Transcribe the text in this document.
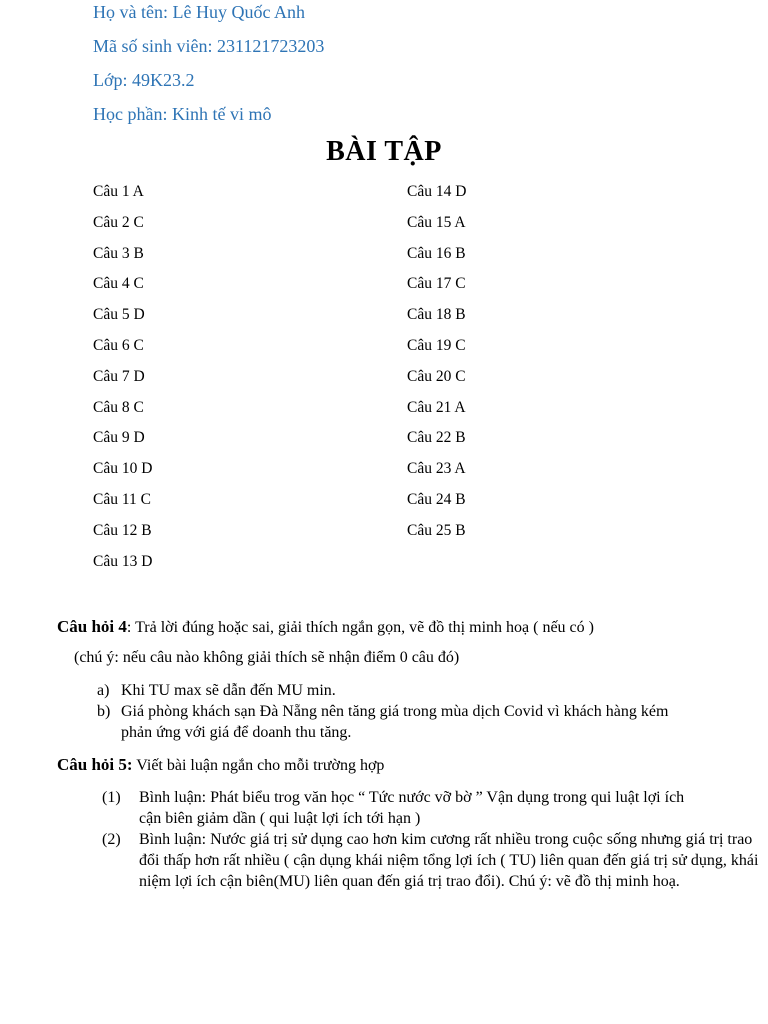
Họ và tên: Lê Huy Quốc Anh
Mã số sinh viên: 231121723203
Lớp: 49K23.2
Học phần: Kinh tế vi mô
BÀI TẬP
Câu 1 A
Câu 2 C
Câu 3 B
Câu 4 C
Câu 5 D
Câu 6 C
Câu 7 D
Câu 8 C
Câu 9 D
Câu 10 D
Câu 11 C
Câu 12 B
Câu 13 D
Câu 14 D
Câu 15 A
Câu 16 B
Câu 17 C
Câu 18 B
Câu 19 C
Câu 20 C
Câu 21 A
Câu 22 B
Câu 23 A
Câu 24 B
Câu 25 B
Câu hỏi 4: Trả lời đúng hoặc sai, giải thích ngắn gọn, vẽ đồ thị minh hoạ ( nếu có )
(chú ý: nếu câu nào không giải thích sẽ nhận điểm 0 câu đó)
a) Khi TU max sẽ dẫn đến MU min.
b) Giá phòng khách sạn Đà Nẵng nên tăng giá trong mùa dịch Covid vì khách hàng kém phản ứng với giá để doanh thu tăng.
Câu hỏi 5: Viết bài luận ngắn cho mỗi trường hợp
(1) Bình luận: Phát biểu trog văn học “ Tức nước vỡ bờ ” Vận dụng trong qui luật lợi ích cận biên giảm dần ( qui luật lợi ích tới hạn )
(2) Bình luận: Nước giá trị sử dụng cao hơn kim cương rất nhiều trong cuộc sống nhưng giá trị trao đổi thấp hơn rất nhiều ( cận dụng khái niệm tổng lợi ích ( TU) liên quan đến giá trị sử dụng, khái niệm lợi ích cận biên(MU) liên quan đến giá trị trao đổi). Chú ý: vẽ đồ thị minh hoạ.
